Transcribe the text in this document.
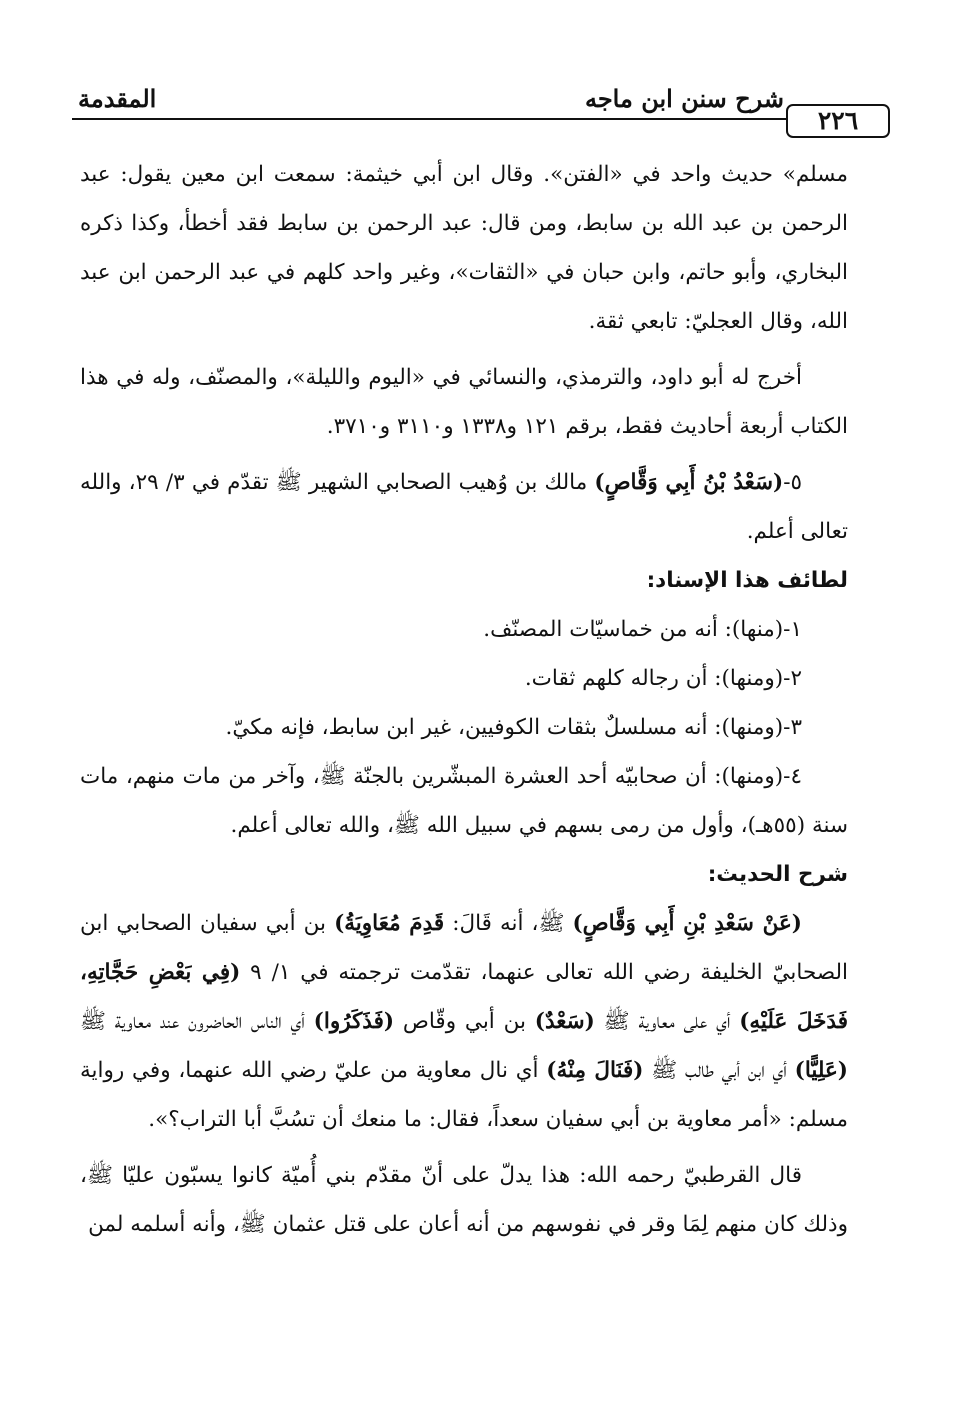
٢٢٦
شرح سنن ابن ماجه
المقدمة

مسلم» حديث واحد في «الفتن». وقال ابن أبي خيثمة: سمعت ابن معين يقول: عبد الرحمن بن عبد الله بن سابط، ومن قال: عبد الرحمن بن سابط فقد أخطأ، وكذا ذكره البخاري، وأبو حاتم، وابن حبان في «الثقات»، وغير واحد كلهم في عبد الرحمن ابن عبد الله، وقال العجليّ: تابعي ثقة.

أخرج له أبو داود، والترمذي، والنسائي في «اليوم والليلة»، والمصنّف، وله في هذا الكتاب أربعة أحاديث فقط، برقم ١٢١ و١٣٣٨ و٣١١٠ و٣٧١٠.

٥-(سَعْدُ بْنُ أَبِي وَقَّاصٍ) مالك بن وُهيب الصحابي الشهير ﷺ تقدّم في ٣/ ٢٩، والله تعالى أعلم.

لطائف هذا الإسناد:

١-(منها): أنه من خماسيّات المصنّف.

٢-(ومنها): أن رجاله كلهم ثقات.

٣-(ومنها): أنه مسلسلٌ بثقات الكوفيين، غير ابن سابط، فإنه مكيّ.

٤-(ومنها): أن صحابيّه أحد العشرة المبشّرين بالجنّة ﷺ، وآخر من مات منهم، مات سنة (٥٥هـ)، وأول من رمى بسهم في سبيل الله ﷺ، والله تعالى أعلم.

شرح الحديث:

(عَنْ سَعْدِ بْنِ أَبِي وَقَّاصٍ) ﷺ، أنه قَالَ: قَدِمَ مُعَاوِيَةُ) بن أبي سفيان الصحابي ابن الصحابيّ الخليفة رضي الله تعالى عنهما، تقدّمت ترجمته في ١/ ٩ (فِي بَعْضِ حَجَّاتِهِ، فَدَخَلَ عَلَيْهِ) أي على معاوية ﷺ (سَعْدٌ) بن أبي وقّاص (فَذَكَرُوا) أي الناس الحاضرون عند معاوية ﷺ (عَلِيًّا) أي ابن أبي طالب ﷺ (فَنَالَ مِنْهُ) أي نال معاوية من عليّ رضي الله عنهما، وفي رواية مسلم: «أمر معاوية بن أبي سفيان سعداً، فقال: ما منعك أن تسُبَّ أبا التراب؟».

قال القرطبيّ رحمه الله: هذا يدلّ على أنّ مقدّم بني أُميّة كانوا يسبّون عليّا ﷺ، وذلك كان منهم لِمَا وقر في نفوسهم من أنه أعان على قتل عثمان ﷺ، وأنه أسلمه لمن
